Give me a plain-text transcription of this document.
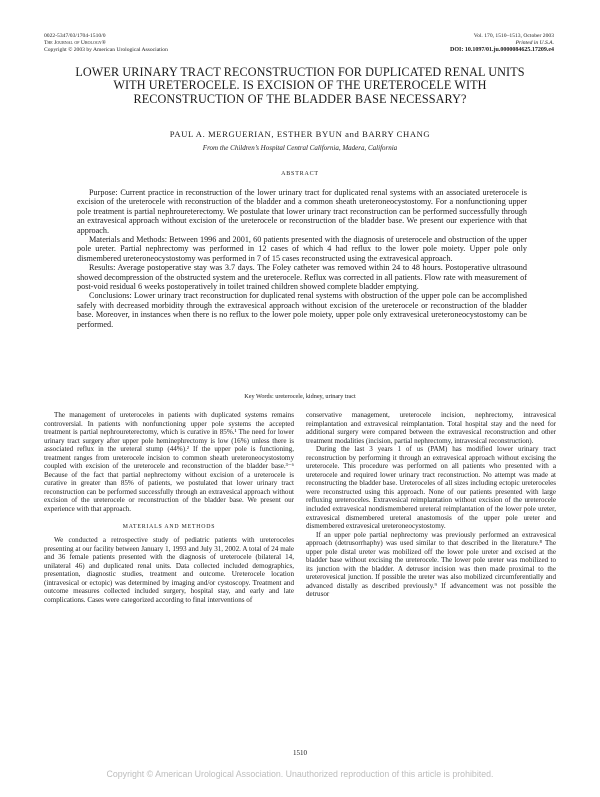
0022-5347/03/1704-1510/0
The Journal of Urology®
Copyright © 2003 by American Urological Association
Vol. 170, 1510–1513, October 2003
Printed in U.S.A.
DOI: 10.1097/01.ju.0000084625.17209.e4
LOWER URINARY TRACT RECONSTRUCTION FOR DUPLICATED RENAL UNITS WITH URETEROCELE. IS EXCISION OF THE URETEROCELE WITH RECONSTRUCTION OF THE BLADDER BASE NECESSARY?
PAUL A. MERGUERIAN, ESTHER BYUN and BARRY CHANG
From the Children’s Hospital Central California, Madera, California
ABSTRACT

Purpose: Current practice in reconstruction of the lower urinary tract for duplicated renal systems with an associated ureterocele is excision of the ureterocele with reconstruction of the bladder and a common sheath ureteroneocystostomy. For a nonfunctioning upper pole treatment is partial nephroureterectomy. We postulate that lower urinary tract reconstruction can be performed successfully through an extravesical approach without excision of the ureterocele or reconstruction of the bladder base. We present our experience with that approach.

Materials and Methods: Between 1996 and 2001, 60 patients presented with the diagnosis of ureterocele and obstruction of the upper pole ureter. Partial nephrectomy was performed in 12 cases of which 4 had reflux to the lower pole moiety. Upper pole only dismembered ureteroneocystostomy was performed in 7 of 15 cases reconstructed using the extravesical approach.

Results: Average postoperative stay was 3.7 days. The Foley catheter was removed within 24 to 48 hours. Postoperative ultrasound showed decompression of the obstructed system and the ureterocele. Reflux was corrected in all patients. Flow rate with measurement of post-void residual 6 weeks postoperatively in toilet trained children showed complete bladder emptying.

Conclusions: Lower urinary tract reconstruction for duplicated renal systems with obstruction of the upper pole can be accomplished safely with decreased morbidity through the extravesical approach without excision of the ureterocele or reconstruction of the bladder base. Moreover, in instances when there is no reflux to the lower pole moiety, upper pole only extravesical ureteroneocystostomy can be performed.

Key Words: ureterocele, kidney, urinary tract

The management of ureteroceles in patients with duplicated systems remains controversial. In patients with nonfunctioning upper pole systems the accepted treatment is partial nephroureterectomy, which is curative in 85%.¹ The need for lower urinary tract surgery after upper pole heminephrectomy is low (16%) unless there is associated reflux in the ureteral stump (44%).² If the upper pole is functioning, treatment ranges from ureterocele incision to common sheath ureteroneocystostomy coupled with excision of the ureterocele and reconstruction of the bladder base.³⁻⁶ Because of the fact that partial nephrectomy without excision of a ureterocele is curative in greater than 85% of patients, we postulated that lower urinary tract reconstruction can be performed successfully through an extravesical approach without excision of the ureterocele or reconstruction of the bladder base. We present our experience with that approach.

MATERIALS AND METHODS

We conducted a retrospective study of pediatric patients with ureteroceles presenting at our facility between January 1, 1993 and July 31, 2002. A total of 24 male and 36 female patients presented with the diagnosis of ureterocele (bilateral 14, unilateral 46) and duplicated renal units. Data collected included demographics, presentation, diagnostic studies, treatment and outcome. Ureterocele location (intravesical or ectopic) was determined by imaging and/or cystoscopy. Treatment and outcome measures collected included surgery, hospital stay, and early and late complications. Cases were categorized according to final interventions of

conservative management, ureterocele incision, nephrectomy, intravesical reimplantation and extravesical reimplantation. Total hospital stay and the need for additional surgery were compared between the extravesical reconstruction and other treatment modalities (incision, partial nephrectomy, intravesical reconstruction).

During the last 3 years 1 of us (PAM) has modified lower urinary tract reconstruction by performing it through an extravesical approach without excising the ureterocele. This procedure was performed on all patients who presented with a ureterocele and required lower urinary tract reconstruction. No attempt was made at reconstructing the bladder base. Ureteroceles of all sizes including ectopic ureteroceles were reconstructed using this approach. None of our patients presented with large refluxing ureteroceles. Extravesical reimplantation without excision of the ureterocele included extravesical nondismembered ureteral reimplantation of the lower pole ureter, extravesical dismembered ureteral anastomosis of the upper pole ureter and dismembered extravesical ureteroneocystostomy.

If an upper pole partial nephrectomy was previously performed an extravesical approach (detrusorrhaphy) was used similar to that described in the literature.⁸ The upper pole distal ureter was mobilized off the lower pole ureter and excised at the bladder base without excising the ureterocele. The lower pole ureter was mobilized to its junction with the bladder. A detrusor incision was then made proximal to the ureterovesical junction. If possible the ureter was also mobilized circumferentially and advanced distally as described previously.⁹ If advancement was not possible the detrusor

1510
Copyright © American Urological Association. Unauthorized reproduction of this article is prohibited.
